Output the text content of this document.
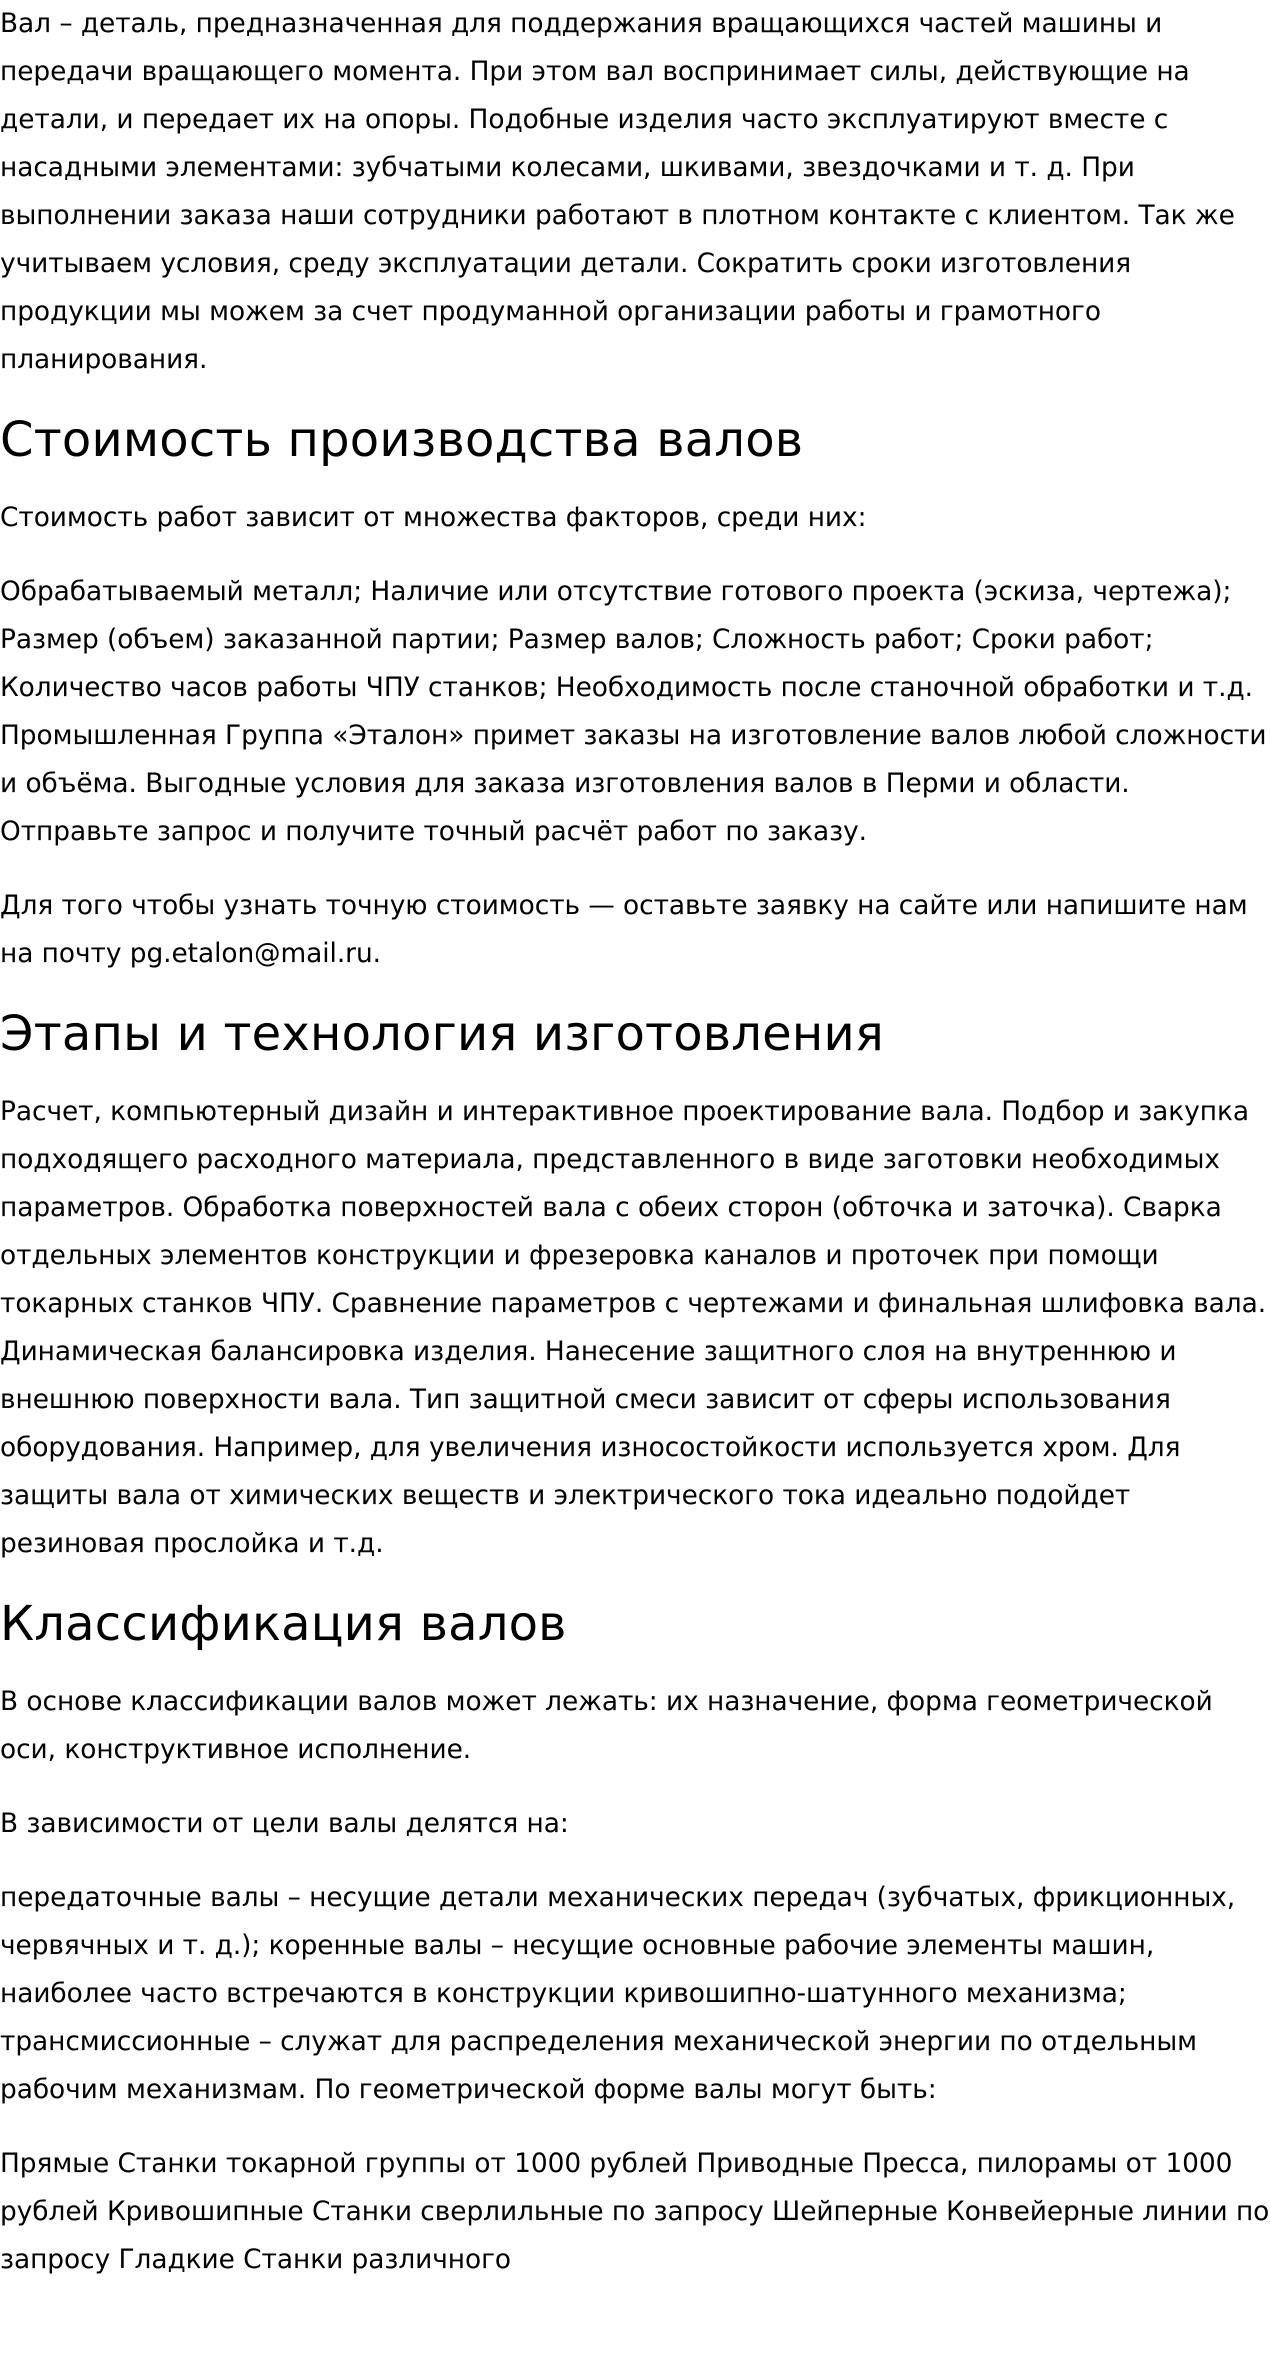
Вал – деталь, предназначенная для поддержания вращающихся частей машины и передачи вращающего момента. При этом вал воспринимает силы, действующие на детали, и передает их на опоры. Подобные изделия часто эксплуатируют вместе с насадными элементами: зубчатыми колесами, шкивами, звездочками и т. д. При выполнении заказа наши сотрудники работают в плотном контакте с клиентом. Так же учитываем условия, среду эксплуатации детали. Сократить сроки изготовления продукции мы можем за счет продуманной организации работы и грамотного планирования.

Стоимость производства валов

Стоимость работ зависит от множества факторов, среди них:

Обрабатываемый металл; Наличие или отсутствие готового проекта (эскиза, чертежа); Размер (объем) заказанной партии; Размер валов; Сложность работ; Сроки работ; Количество часов работы ЧПУ станков; Необходимость после станочной обработки и т.д. Промышленная Группа «Эталон» примет заказы на изготовление валов любой сложности и объёма. Выгодные условия для заказа изготовления валов в Перми и области. Отправьте запрос и получите точный расчёт работ по заказу.

Для того чтобы узнать точную стоимость — оставьте заявку на сайте или напишите нам на почту pg.etalon@mail.ru.

Этапы и технология изготовления

Расчет, компьютерный дизайн и интерактивное проектирование вала. Подбор и закупка подходящего расходного материала, представленного в виде заготовки необходимых параметров. Обработка поверхностей вала с обеих сторон (обточка и заточка). Сварка отдельных элементов конструкции и фрезеровка каналов и проточек при помощи токарных станков ЧПУ. Сравнение параметров с чертежами и финальная шлифовка вала. Динамическая балансировка изделия. Нанесение защитного слоя на внутреннюю и внешнюю поверхности вала. Тип защитной смеси зависит от сферы использования оборудования. Например, для увеличения износостойкости используется хром. Для защиты вала от химических веществ и электрического тока идеально подойдет резиновая прослойка и т.д.

Классификация валов

В основе классификации валов может лежать: их назначение, форма геометрической оси, конструктивное исполнение.

В зависимости от цели валы делятся на:

передаточные валы – несущие детали механических передач (зубчатых, фрикционных, червячных и т. д.); коренные валы – несущие основные рабочие элементы машин, наиболее часто встречаются в конструкции кривошипно-шатунного механизма; трансмиссионные – служат для распределения механической энергии по отдельным рабочим механизмам. По геометрической форме валы могут быть:

Прямые Станки токарной группы от 1000 рублей Приводные Пресса, пилорамы от 1000 рублей Кривошипные Станки сверлильные по запросу Шейперные Конвейерные линии по запросу Гладкие Станки различного
